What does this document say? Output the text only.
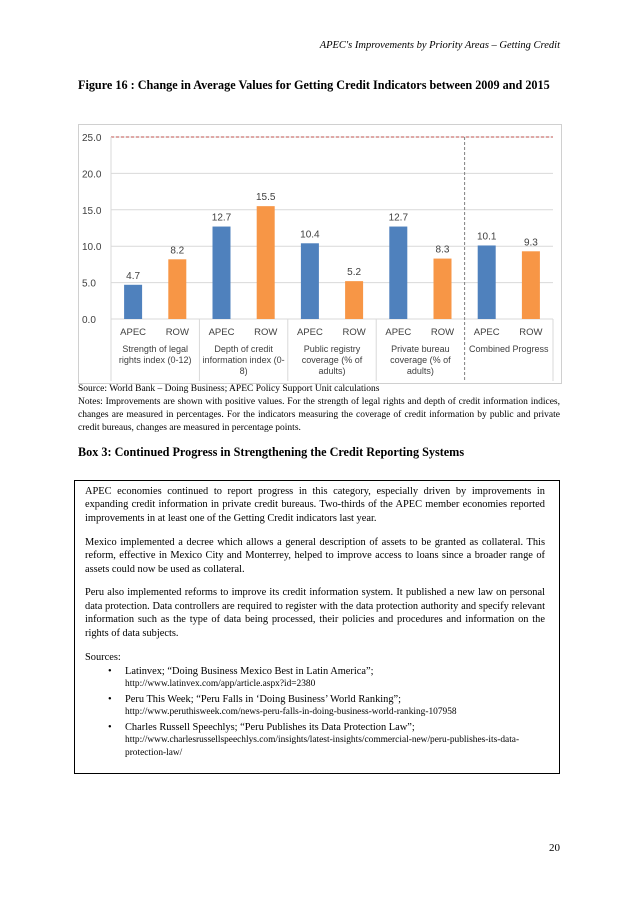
APEC's Improvements by Priority Areas – Getting Credit
Figure 16 : Change in Average Values for Getting Credit Indicators between 2009 and 2015
0.0
5.0
10.0
15.0
20.0
25.0
4.7
APEC
8.2
ROW
Strength of legal
rights index (0-12)
12.7
APEC
15.5
ROW
Depth of credit
information index (0-
8)
10.4
APEC
5.2
ROW
Public registry
coverage (% of
adults)
12.7
APEC
8.3
ROW
Private bureau
coverage (% of
adults)
10.1
APEC
9.3
ROW
Combined Progress
Source: World Bank – Doing Business; APEC Policy Support Unit calculations
Notes: Improvements are shown with positive values. For the strength of legal rights and depth of credit information indices, changes are measured in percentages. For the indicators measuring the coverage of credit information by public and private credit bureaus, changes are measured in percentage points.
Box 3: Continued Progress in Strengthening the Credit Reporting Systems

APEC economies continued to report progress in this category, especially driven by improvements in expanding credit information in private credit bureaus. Two-thirds of the APEC member economies reported improvements in at least one of the Getting Credit indicators last year.

Mexico implemented a decree which allows a general description of assets to be granted as collateral. This reform, effective in Mexico City and Monterrey, helped to improve access to loans since a broader range of assets could now be used as collateral.

Peru also implemented reforms to improve its credit information system. It published a new law on personal data protection. Data controllers are required to register with the data protection authority and specify relevant information such as the type of data being processed, their policies and procedures and information on the rights of data subjects.

Sources:

• Latinvex; “Doing Business Mexico Best in Latin America”;
http://www.latinvex.com/app/article.aspx?id=2380
• Peru This Week; “Peru Falls in ‘Doing Business’ World Ranking”;
http://www.peruthisweek.com/news-peru-falls-in-doing-business-world-ranking-107958
• Charles Russell Speechlys; “Peru Publishes its Data Protection Law”;
http://www.charlesrussellspeechlys.com/insights/latest-insights/commercial-new/peru-publishes-its-data-protection-law/
20
